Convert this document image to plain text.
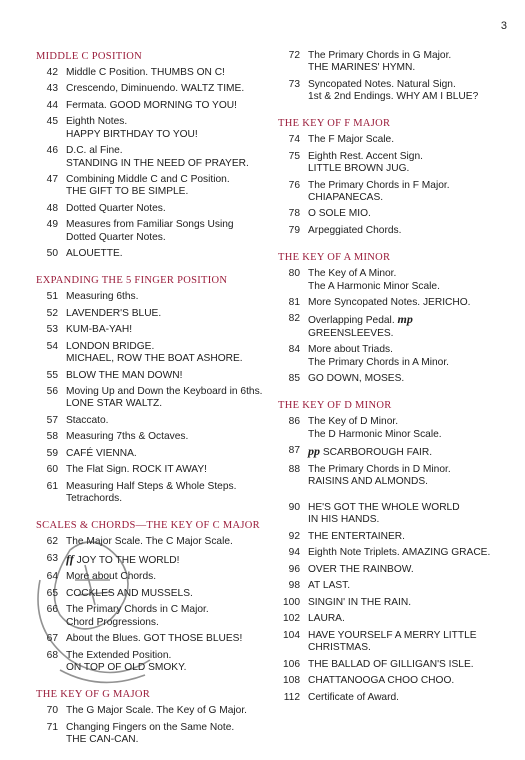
3
MIDDLE C POSITION
42 Middle C Position. THUMBS ON C!
43 Crescendo, Diminuendo. WALTZ TIME.
44 Fermata. GOOD MORNING TO YOU!
45 Eighth Notes.
HAPPY BIRTHDAY TO YOU!
46 D.C. al Fine.
STANDING IN THE NEED OF PRAYER.
47 Combining Middle C and C Position.
THE GIFT TO BE SIMPLE.
48 Dotted Quarter Notes.
49 Measures from Familiar Songs Using
Dotted Quarter Notes.
50 ALOUETTE.
EXPANDING THE 5 FINGER POSITION
51 Measuring 6ths.
52 LAVENDER'S BLUE.
53 KUM-BA-YAH!
54 LONDON BRIDGE.
MICHAEL, ROW THE BOAT ASHORE.
55 BLOW THE MAN DOWN!
56 Moving Up and Down the Keyboard in 6ths.
LONE STAR WALTZ.
57 Staccato.
58 Measuring 7ths & Octaves.
59 CAFÉ VIENNA.
60 The Flat Sign. ROCK IT AWAY!
61 Measuring Half Steps & Whole Steps.
Tetrachords.
SCALES & CHORDS—THE KEY OF C MAJOR
62 The Major Scale. The C Major Scale.
63 ff JOY TO THE WORLD!
64 More about Chords.
65 COCKLES AND MUSSELS.
66 The Primary Chords in C Major.
Chord Progressions.
67 About the Blues. GOT THOSE BLUES!
68 The Extended Position.
ON TOP OF OLD SMOKY.
THE KEY OF G MAJOR
70 The G Major Scale. The Key of G Major.
71 Changing Fingers on the Same Note.
THE CAN-CAN.
72 The Primary Chords in G Major.
THE MARINES' HYMN.
73 Syncopated Notes. Natural Sign.
1st & 2nd Endings. WHY AM I BLUE?
THE KEY OF F MAJOR
74 The F Major Scale.
75 Eighth Rest. Accent Sign.
LITTLE BROWN JUG.
76 The Primary Chords in F Major.
CHIAPANECAS.
78 O SOLE MIO.
79 Arpeggiated Chords.
THE KEY OF A MINOR
80 The Key of A Minor.
The A Harmonic Minor Scale.
81 More Syncopated Notes. JERICHO.
82 Overlapping Pedal. mp
GREENSLEEVES.
84 More about Triads.
The Primary Chords in A Minor.
85 GO DOWN, MOSES.
THE KEY OF D MINOR
86 The Key of D Minor.
The D Harmonic Minor Scale.
87 pp SCARBOROUGH FAIR.
88 The Primary Chords in D Minor.
RAISINS AND ALMONDS.
90 HE'S GOT THE WHOLE WORLD
IN HIS HANDS.
92 THE ENTERTAINER.
94 Eighth Note Triplets. AMAZING GRACE.
96 OVER THE RAINBOW.
98 AT LAST.
100 SINGIN' IN THE RAIN.
102 LAURA.
104 HAVE YOURSELF A MERRY LITTLE
CHRISTMAS.
106 THE BALLAD OF GILLIGAN'S ISLE.
108 CHATTANOOGA CHOO CHOO.
112 Certificate of Award.
